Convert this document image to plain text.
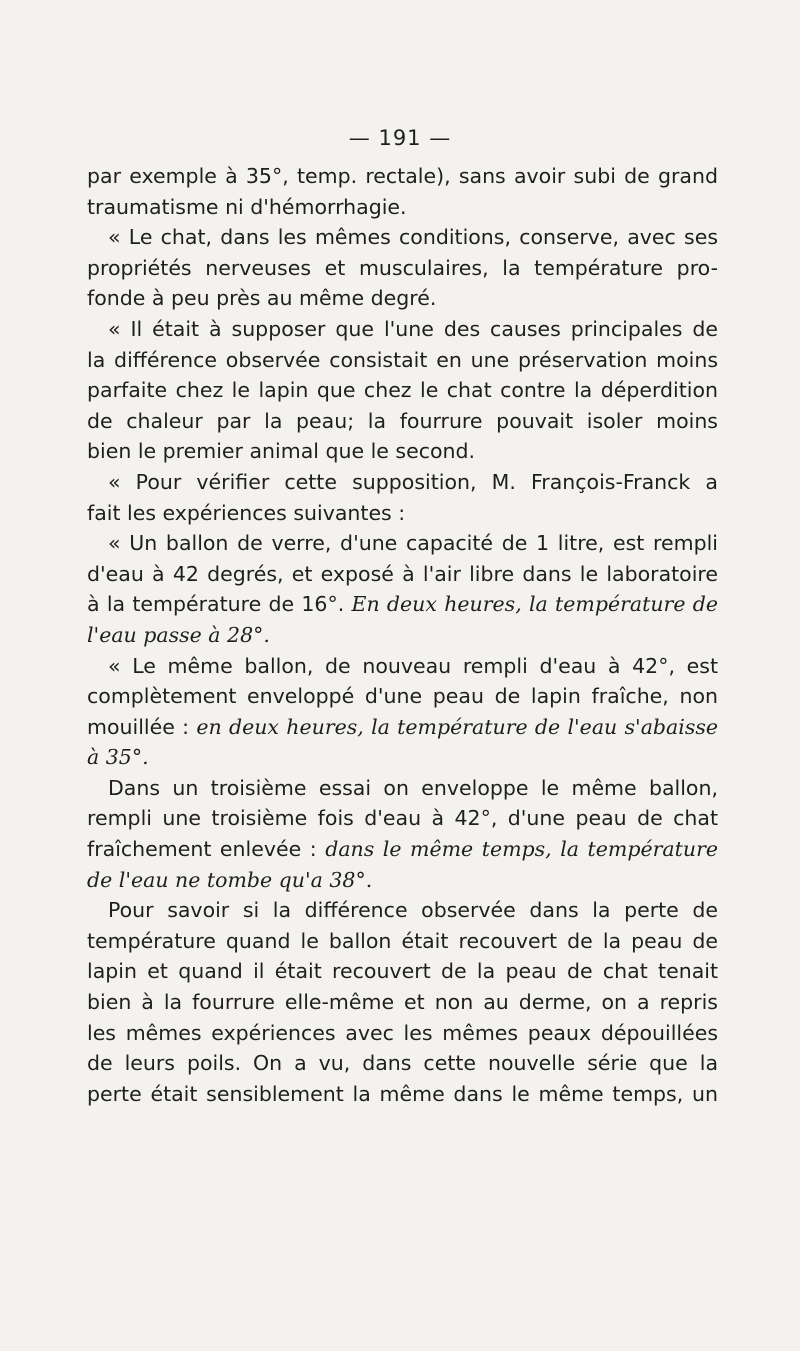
— 191 —

par exemple à 35°, temp. rectale), sans avoir subi de grand
traumatisme ni d'hémorrhagie.

« Le chat, dans les mêmes conditions, conserve, avec ses
propriétés nerveuses et musculaires, la température pro-
fonde à peu près au même degré.

« Il était à supposer que l'une des causes principales de
la différence observée consistait en une préservation moins
parfaite chez le lapin que chez le chat contre la déperdition
de chaleur par la peau; la fourrure pouvait isoler moins
bien le premier animal que le second.

« Pour vérifier cette supposition, M. François-Franck a
fait les expériences suivantes :

« Un ballon de verre, d'une capacité de 1 litre, est rempli
d'eau à 42 degrés, et exposé à l'air libre dans le laboratoire
à la température de 16°. En deux heures, la température de
l'eau passe à 28°.

« Le même ballon, de nouveau rempli d'eau à 42°, est
complètement enveloppé d'une peau de lapin fraîche, non
mouillée : en deux heures, la température de l'eau s'abaisse
à 35°.

Dans un troisième essai on enveloppe le même ballon,
rempli une troisième fois d'eau à 42°, d'une peau de chat
fraîchement enlevée : dans le même temps, la température
de l'eau ne tombe qu'a 38°.

Pour savoir si la différence observée dans la perte de
température quand le ballon était recouvert de la peau de
lapin et quand il était recouvert de la peau de chat tenait
bien à la fourrure elle-même et non au derme, on a repris
les mêmes expériences avec les mêmes peaux dépouillées
de leurs poils. On a vu, dans cette nouvelle série que la
perte était sensiblement la même dans le même temps, un
